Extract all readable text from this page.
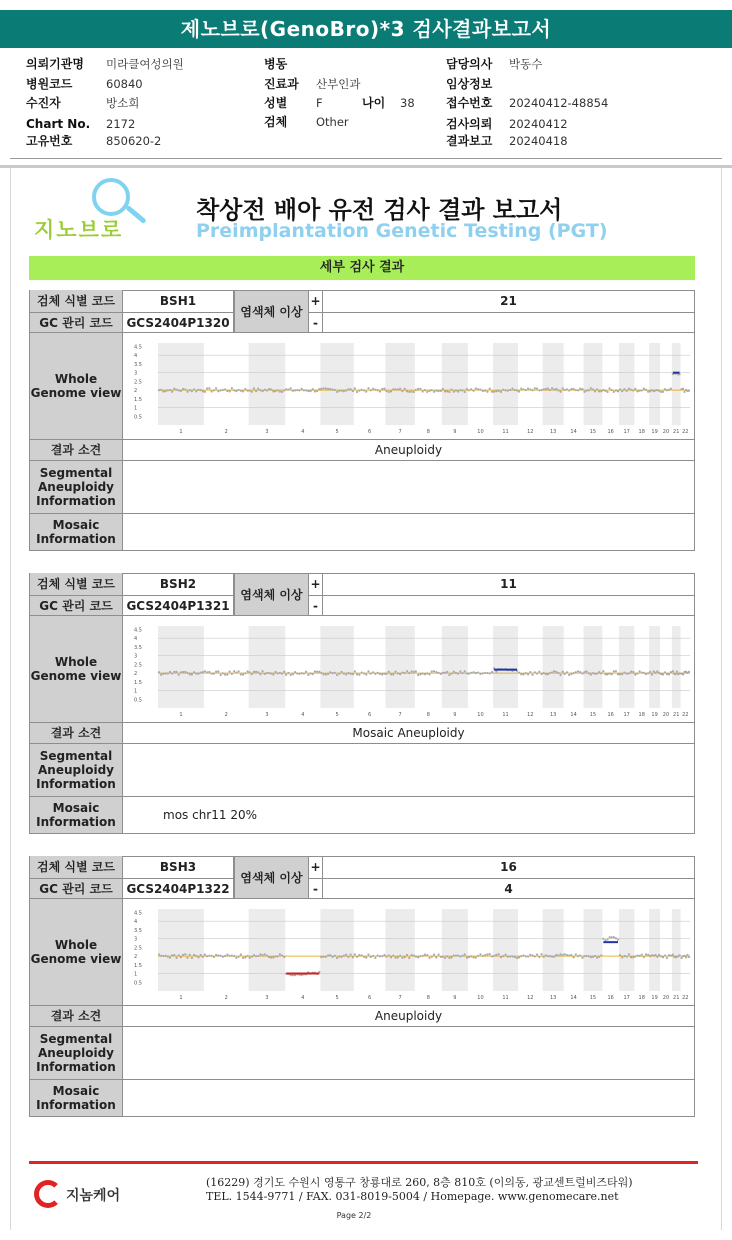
제노브로(GenoBro)*3 검사결과보고서
의뢰기관명 미라클여성의원
병원코드	60840
수진자	방소희
Chart No. 2172
고유번호	850620-2
병동
진료과 산부인과
성별	F	나이 38
검체	Other
담당의사 박동수
임상정보
접수번호 20240412-48854
검사의뢰 20240412
결과보고 20240418
지노브로
착상전 배아 유전 검사 결과 보고서
Preimplantation Genetic Testing (PGT)
세부 검사 결과
검체 식별 코드	BSH1	+	21
GC 관리 코드	GCS2404P1320	-
염색체 이상
Whole Genome view
4.5
4
3.5
3
2.5
2
1.5
1
0.5
1	2	3	4	5	6	7	8	9	10	11	12	13	14	15 16 17 18 19 20 21 22
결과 소견	Aneuploidy
Segmental Aneuploidy Information
Mosaic Information
검체 식별 코드	BSH2	+	11
GC 관리 코드	GCS2404P1321	-
염색체 이상
Whole Genome view
4.5
4
3.5
3
2.5
2
1.5
1
0.5
1	2	3	4	5	6	7	8	9	10	11	12	13	14	15 16 17 18 19 20 21 22
결과 소견	Mosaic Aneuploidy
Segmental Aneuploidy Information
Mosaic Information	mos chr11 20%
검체 식별 코드	BSH3	+	16
GC 관리 코드	GCS2404P1322	-	4
염색체 이상
Whole Genome view
4.5
4
3.5
3
2.5
2
1.5
1
0.5
1	2	3	4	5	6	7	8	9	10	11	12	13	14	15 16 17 18 19 20 21 22
결과 소견	Aneuploidy
Segmental Aneuploidy Information
Mosaic Information
지놈케어
(16229) 경기도 수원시 영통구 창룡대로 260, 8층 810호 (이의동, 광교센트럴비즈타워)
TEL. 1544-9771 / FAX. 031-8019-5004 / Homepage. www.genomecare.net
Page 2/2
